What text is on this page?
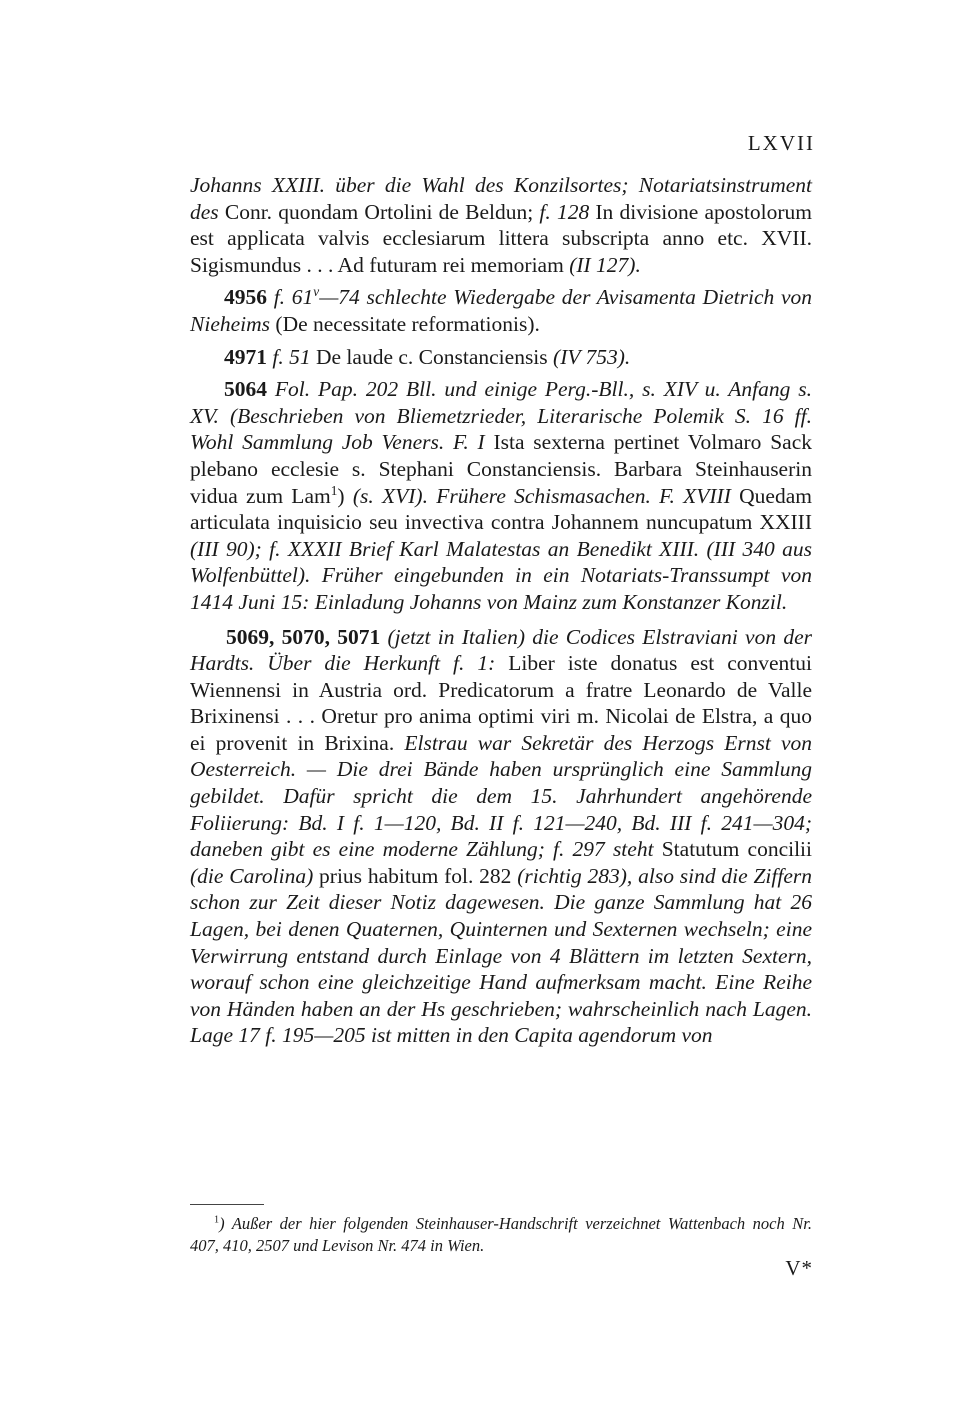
LXVII

Johanns XXIII. über die Wahl des Konzilsortes; Notariatsinstrument des Conr. quondam Ortolini de Beldun; f. 128 In divisione apostolorum est applicata valvis ecclesiarum littera subscripta anno etc. XVII. Sigismundus . . . Ad futuram rei memoriam (II 127).

4956 f. 61$^v$—74 schlechte Wiedergabe der Avisamenta Dietrich von Nieheims (De necessitate reformationis).

4971 f. 51 De laude c. Constanciensis (IV 753).

5064 Fol. Pap. 202 Bll. und einige Perg.-Bll., s. XIV u. Anfang s. XV. (Beschrieben von Bliemetzrieder, Literarische Polemik S. 16 ff. Wohl Sammlung Job Veners. F. I Ista sexterna pertinet Volmaro Sack plebano ecclesie s. Stephani Constanciensis. Barbara Steinhauserin vidua zum Lam$^1$) (s. XVI). Frühere Schismasachen. F. XVIII Quedam articulata inquisicio seu invectiva contra Johannem nuncupatum XXIII (III 90); f. XXXII Brief Karl Malatestas an Benedikt XIII. (III 340 aus Wolfenbüttel). Früher eingebunden in ein Notariats-Transsumpt von 1414 Juni 15: Einladung Johanns von Mainz zum Konstanzer Konzil.

5069, 5070, 5071 (jetzt in Italien) die Codices Elstraviani von der Hardts. Über die Herkunft f. 1: Liber iste donatus est conventui Wiennensi in Austria ord. Predicatorum a fratre Leonardo de Valle Brixinensi . . . Oretur pro anima optimi viri m. Nicolai de Elstra, a quo ei provenit in Brixina. Elstrau war Sekretär des Herzogs Ernst von Oesterreich. — Die drei Bände haben ursprünglich eine Sammlung gebildet. Dafür spricht die dem 15. Jahrhundert angehörende Foliierung: Bd. I f. 1—120, Bd. II f. 121—240, Bd. III f. 241—304; daneben gibt es eine moderne Zählung; f. 297 steht Statutum concilii (die Carolina) prius habitum fol. 282 (richtig 283), also sind die Ziffern schon zur Zeit dieser Notiz dagewesen. Die ganze Sammlung hat 26 Lagen, bei denen Quaternen, Quinternen und Sexternen wechseln; eine Verwirrung entstand durch Einlage von 4 Blättern im letzten Sextern, worauf schon eine gleichzeitige Hand aufmerksam macht. Eine Reihe von Händen haben an der Hs geschrieben; wahrscheinlich nach Lagen. Lage 17 f. 195—205 ist mitten in den Capita agendorum von

$^1$) Außer der hier folgenden Steinhauser-Handschrift verzeichnet Wattenbach noch Nr. 407, 410, 2507 und Levison Nr. 474 in Wien.

V*
